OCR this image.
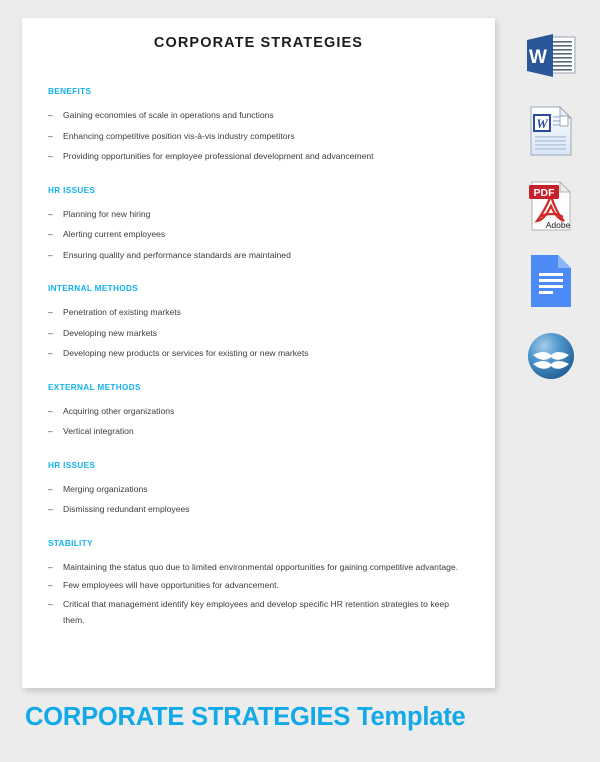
CORPORATE STRATEGIES
BENEFITS
– Gaining economies of scale in operations and functions
– Enhancing competitive position vis-à-vis industry competitors
– Providing opportunities for employee professional development and advancement
HR ISSUES
– Planning for new hiring
– Alerting current employees
– Ensuring quality and performance standards are maintained
INTERNAL METHODS
– Penetration of existing markets
– Developing new markets
– Developing new products or services for existing or new markets
EXTERNAL METHODS
– Acquiring other organizations
– Vertical integration
HR ISSUES
– Merging organizations
– Dismissing redundant employees
STABILITY
– Maintaining the status quo due to limited environmental opportunities for gaining competitive advantage.
– Few employees will have opportunities for advancement.
– Critical that management identify key employees and develop specific HR retention strategies to keep them.
W
W
PDF
Adobe
CORPORATE STRATEGIES Template
